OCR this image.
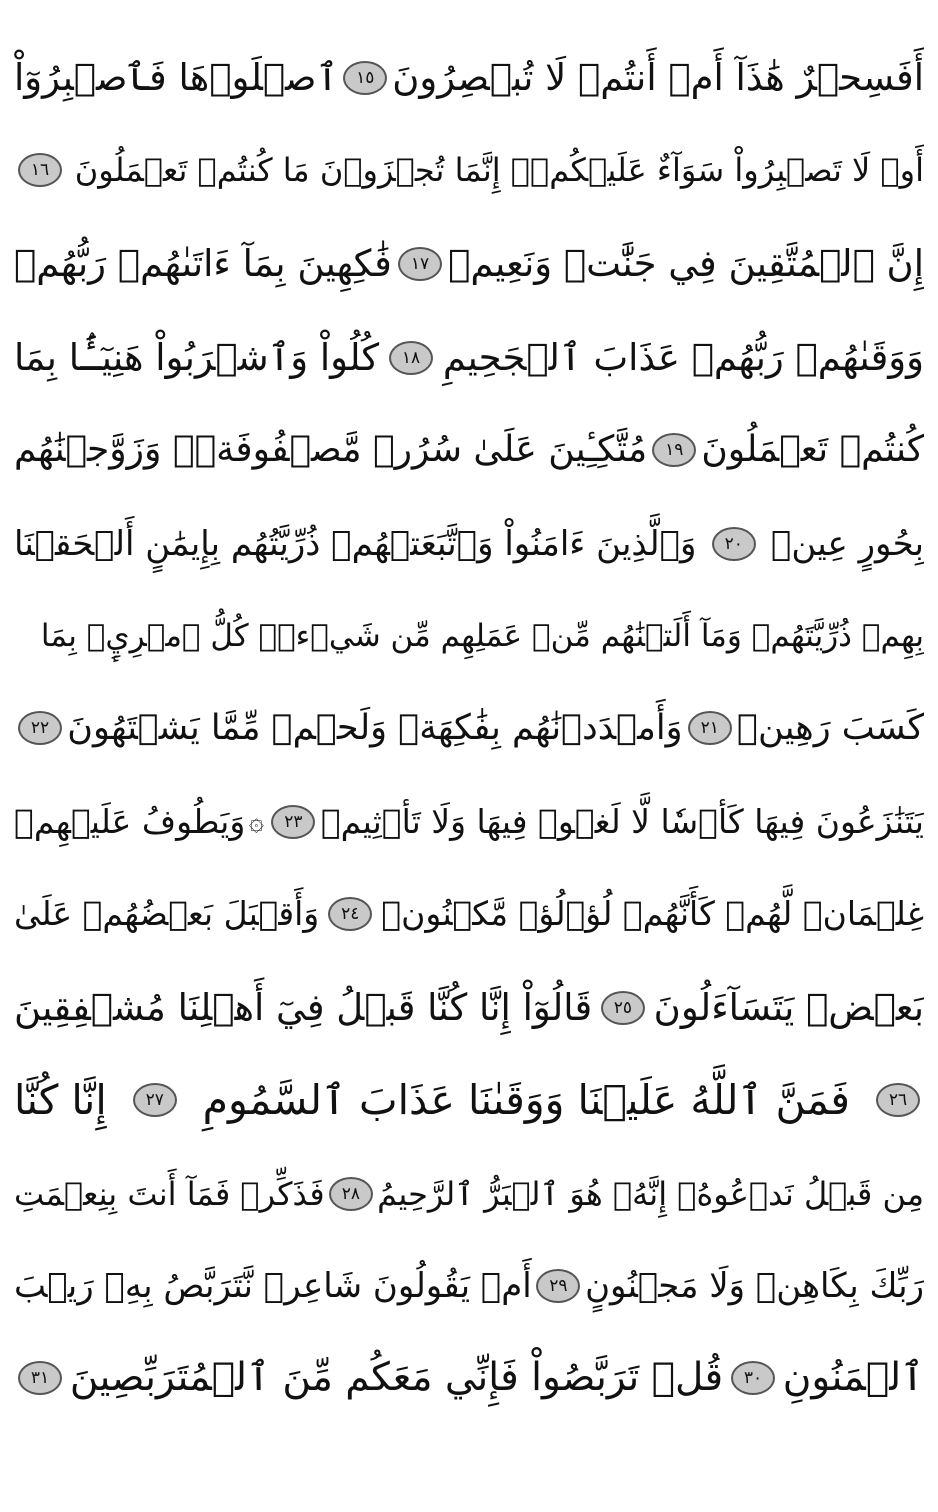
أَفَسِحۡرٌ هَٰذَآ أَمۡ أَنتُمۡ لَا تُبۡصِرُونَ
١٥
ٱصۡلَوۡهَا فَٱصۡبِرُوٓاْ
أَوۡ لَا تَصۡبِرُواْ سَوَآءٌ عَلَيۡكُمۡۖ إِنَّمَا تُجۡزَوۡنَ مَا كُنتُمۡ تَعۡمَلُونَ
١٦
إِنَّ ٱلۡمُتَّقِينَ فِي جَنَّٰتٖ وَنَعِيمٖ
١٧
فَٰكِهِينَ بِمَآ ءَاتَىٰهُمۡ رَبُّهُمۡ
وَوَقَىٰهُمۡ رَبُّهُمۡ عَذَابَ ٱلۡجَحِيمِ
١٨
كُلُواْ وَٱشۡرَبُواْ هَنِيٓـَٔۢا بِمَا
كُنتُمۡ تَعۡمَلُونَ
١٩
مُتَّكِـِٔينَ عَلَىٰ سُرُرٖ مَّصۡفُوفَةٖۖ وَزَوَّجۡنَٰهُم
بِحُورٍ عِينٖ
٢٠
وَٱلَّذِينَ ءَامَنُواْ وَٱتَّبَعَتۡهُمۡ ذُرِّيَّتُهُم بِإِيمَٰنٍ أَلۡحَقۡنَا
بِهِمۡ ذُرِّيَّتَهُمۡ وَمَآ أَلَتۡنَٰهُم مِّنۡ عَمَلِهِم مِّن شَيۡءٖۚ كُلُّ ٱمۡرِيِٕۭ بِمَا
كَسَبَ رَهِينٞ
٢١
وَأَمۡدَدۡنَٰهُم بِفَٰكِهَةٖ وَلَحۡمٖ مِّمَّا يَشۡتَهُونَ
٢٢
يَتَنَٰزَعُونَ فِيهَا كَأۡسٗا لَّا لَغۡوٞ فِيهَا وَلَا تَأۡثِيمٞ
٢٣
۞
وَيَطُوفُ عَلَيۡهِمۡ
غِلۡمَانٞ لَّهُمۡ كَأَنَّهُمۡ لُؤۡلُؤٞ مَّكۡنُونٞ
٢٤
وَأَقۡبَلَ بَعۡضُهُمۡ عَلَىٰ
بَعۡضٖ يَتَسَآءَلُونَ
٢٥
قَالُوٓاْ إِنَّا كُنَّا قَبۡلُ فِيٓ أَهۡلِنَا مُشۡفِقِينَ
٢٦
فَمَنَّ ٱللَّهُ عَلَيۡنَا وَوَقَىٰنَا عَذَابَ ٱلسَّمُومِ
٢٧
إِنَّا كُنَّا
مِن قَبۡلُ نَدۡعُوهُۖ إِنَّهُۥ هُوَ ٱلۡبَرُّ ٱلرَّحِيمُ
٢٨
فَذَكِّرۡ فَمَآ أَنتَ بِنِعۡمَتِ
رَبِّكَ بِكَاهِنٖ وَلَا مَجۡنُونٍ
٢٩
أَمۡ يَقُولُونَ شَاعِرٞ نَّتَرَبَّصُ بِهِۦ رَيۡبَ
ٱلۡمَنُونِ
٣٠
قُلۡ تَرَبَّصُواْ فَإِنِّي مَعَكُم مِّنَ ٱلۡمُتَرَبِّصِينَ
٣١
